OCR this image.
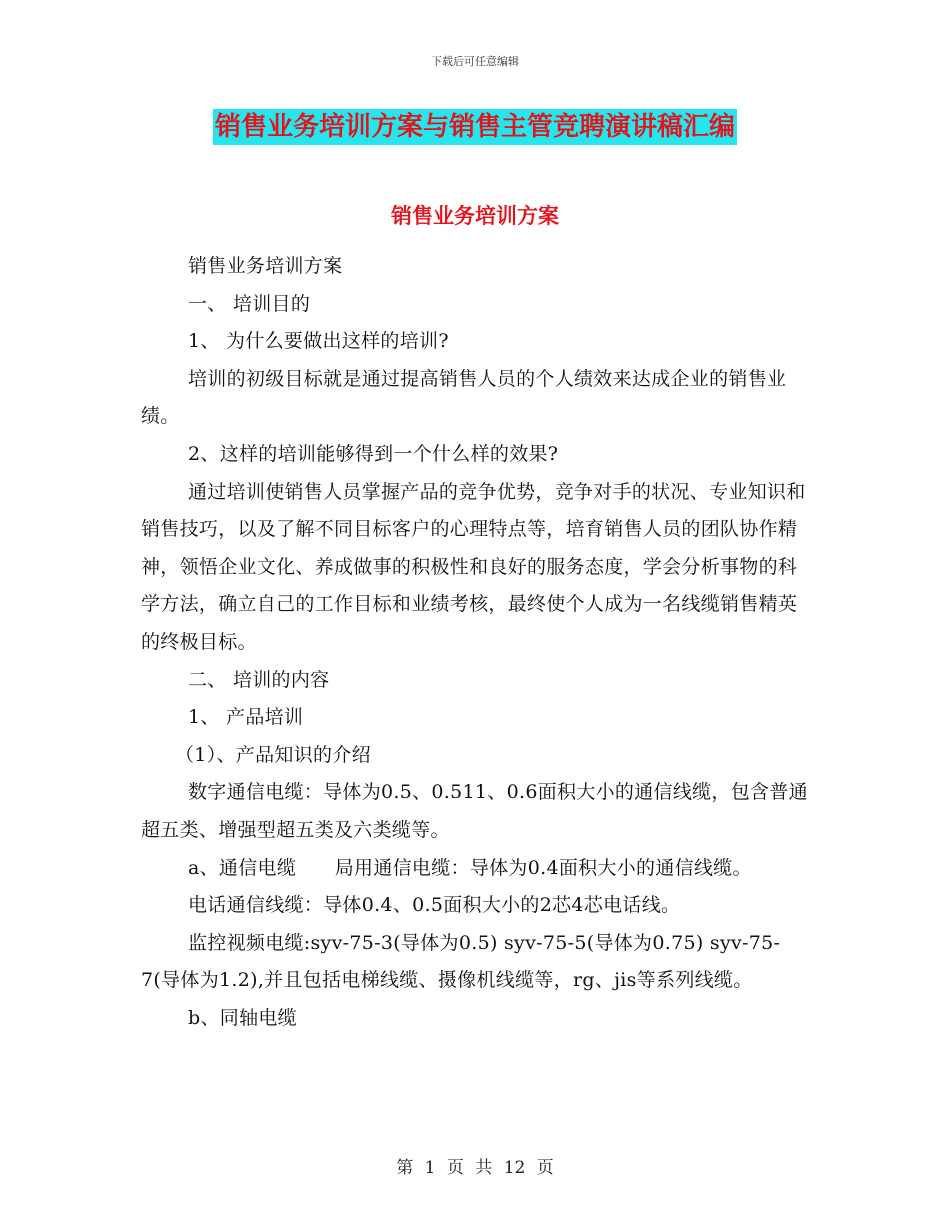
下载后可任意编辑
销售业务培训方案与销售主管竞聘演讲稿汇编
销售业务培训方案

销售业务培训方案

一、 培训目的

1、 为什么要做出这样的培训?

培训的初级目标就是通过提高销售人员的个人绩效来达成企业的销售业绩。

2、这样的培训能够得到一个什么样的效果?

通过培训使销售人员掌握产品的竞争优势，竞争对手的状况、专业知识和销售技巧，以及了解不同目标客户的心理特点等，培育销售人员的团队协作精神，领悟企业文化、养成做事的积极性和良好的服务态度，学会分析事物的科学方法，确立自己的工作目标和业绩考核，最终使个人成为一名线缆销售精英的终极目标。

二、 培训的内容

1、 产品培训

（1）、产品知识的介绍

数字通信电缆：导体为0.5、0.511、0.6面积大小的通信线缆，包含普通超五类、增强型超五类及六类缆等。

a、通信电缆　　局用通信电缆：导体为0.4面积大小的通信线缆。

电话通信线缆：导体0.4、0.5面积大小的2芯4芯电话线。

监控视频电缆:syv-75-3(导体为0.5) syv-75-5(导体为0.75) syv-75-7(导体为1.2),并且包括电梯线缆、摄像机线缆等，rg、jis等系列线缆。

b、同轴电缆

第 1 页 共 12 页
